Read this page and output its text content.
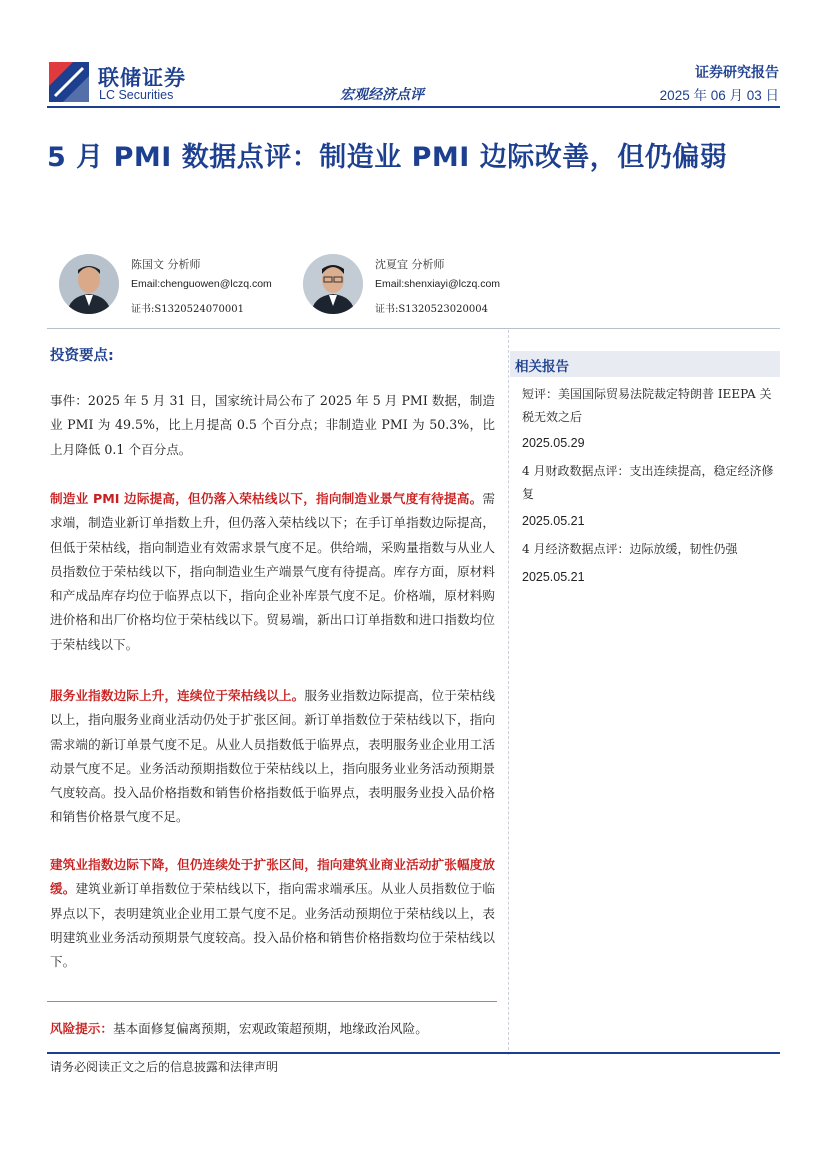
联储证券
LC Securities	宏观经济点评
证券研究报告
2025 年 06 月 03 日
5 月 PMI 数据点评：制造业 PMI 边际改善，但仍偏弱
陈国文 分析师
Email:chenguowen@lczq.com
证书:S1320524070001
沈夏宜 分析师
Email:shenxiayi@lczq.com
证书:S1320523020004
投资要点:
事件：2025 年 5 月 31 日，国家统计局公布了 2025 年 5 月 PMI 数据，制造业 PMI 为 49.5%，比上月提高 0.5 个百分点；非制造业 PMI 为 50.3%，比上月降低 0.1 个百分点。
制造业 PMI 边际提高，但仍落入荣枯线以下，指向制造业景气度有待提高。需求端，制造业新订单指数上升，但仍落入荣枯线以下；在手订单指数边际提高，但低于荣枯线，指向制造业有效需求景气度不足。供给端，采购量指数与从业人员指数位于荣枯线以下，指向制造业生产端景气度有待提高。库存方面，原材料和产成品库存均位于临界点以下，指向企业补库景气度不足。价格端，原材料购进价格和出厂价格均位于荣枯线以下。贸易端，新出口订单指数和进口指数均位于荣枯线以下。
服务业指数边际上升，连续位于荣枯线以上。服务业指数边际提高，位于荣枯线以上，指向服务业商业活动仍处于扩张区间。新订单指数位于荣枯线以下，指向需求端的新订单景气度不足。从业人员指数低于临界点，表明服务业企业用工活动景气度不足。业务活动预期指数位于荣枯线以上，指向服务业业务活动预期景气度较高。投入品价格指数和销售价格指数低于临界点，表明服务业投入品价格和销售价格景气度不足。
建筑业指数边际下降，但仍连续处于扩张区间，指向建筑业商业活动扩张幅度放缓。建筑业新订单指数位于荣枯线以下，指向需求端承压。从业人员指数位于临界点以下，表明建筑业企业用工景气度不足。业务活动预期位于荣枯线以上，表明建筑业业务活动预期景气度较高。投入品价格和销售价格指数均位于荣枯线以下。
风险提示：基本面修复偏离预期，宏观政策超预期，地缘政治风险。
相关报告
短评：美国国际贸易法院裁定特朗普 IEEPA 关税无效之后
2025.05.29
4 月财政数据点评：支出连续提高，稳定经济修复
2025.05.21
4 月经济数据点评：边际放缓，韧性仍强
2025.05.21
请务必阅读正文之后的信息披露和法律声明
